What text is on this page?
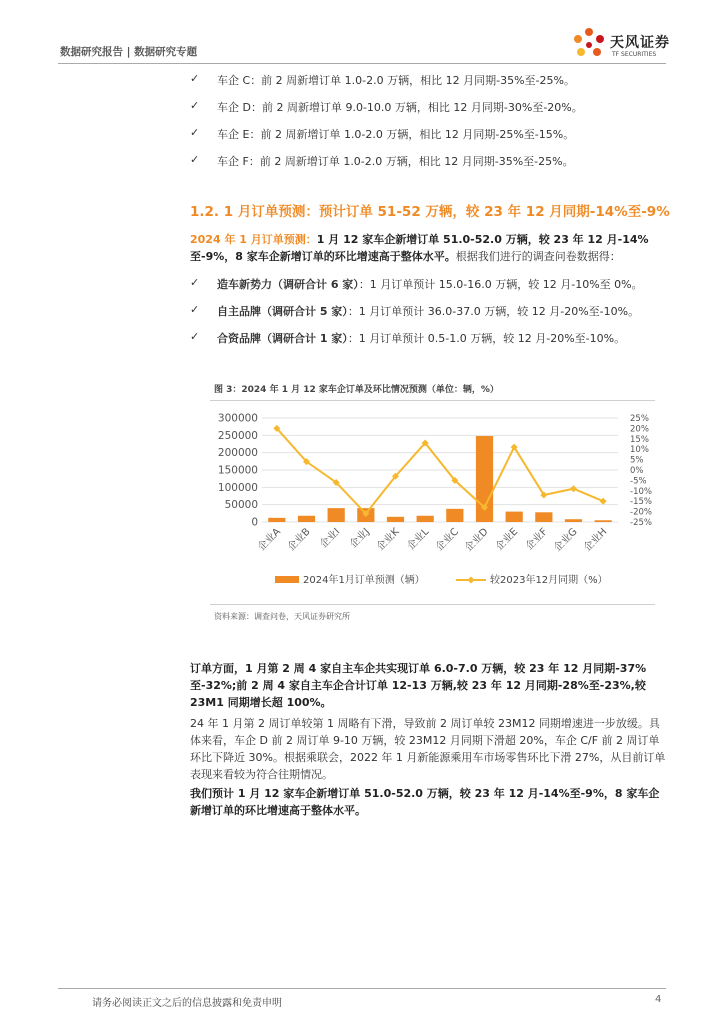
数据研究报告 | 数据研究专题
天风证券
TF SECURITIES
✓ 车企 C：前 2 周新增订单 1.0-2.0 万辆，相比 12 月同期-35%至-25%。
✓ 车企 D：前 2 周新增订单 9.0-10.0 万辆，相比 12 月同期-30%至-20%。
✓ 车企 E：前 2 周新增订单 1.0-2.0 万辆，相比 12 月同期-25%至-15%。
✓ 车企 F：前 2 周新增订单 1.0-2.0 万辆，相比 12 月同期-35%至-25%。
1.2. 1 月订单预测：预计订单 51-52 万辆，较 23 年 12 月同期-14%至-9%
2024 年 1 月订单预测：1 月 12 家车企新增订单 51.0-52.0 万辆，较 23 年 12 月-14%至-9%，8 家车企新增订单的环比增速高于整体水平。根据我们进行的调查问卷数据得：
✓ 造车新势力（调研合计 6 家）：1 月订单预计 15.0-16.0 万辆，较 12 月-10%至 0%。
✓ 自主品牌（调研合计 5 家）：1 月订单预计 36.0-37.0 万辆，较 12 月-20%至-10%。
✓ 合资品牌（调研合计 1 家）：1 月订单预计 0.5-1.0 万辆，较 12 月-20%至-10%。
图 3：2024 年 1 月 12 家车企订单及环比情况预测（单位：辆，%）
0
50000
100000
150000
200000
250000
300000	25%
20%
15%
10%
5%
0%
-5%
-10%
-15%
-20%
-25%
企业A 企业B 企业I 企业J 企业K 企业L 企业C 企业D 企业E 企业F 企业G 企业H
2024年1月订单预测（辆）	较2023年12月同期（%）
资料来源：调查问卷，天风证券研究所
订单方面，1 月第 2 周 4 家自主车企共实现订单 6.0-7.0 万辆，较 23 年 12 月同期-37%至-32%;前 2 周 4 家自主车企合计订单 12-13 万辆,较 23 年 12 月同期-28%至-23%,较 23M1 同期增长超 100%。
24 年 1 月第 2 周订单较第 1 周略有下滑，导致前 2 周订单较 23M12 同期增速进一步放缓。具体来看，车企 D 前 2 周订单 9-10 万辆，较 23M12 月同期下滑超 20%，车企 C/F 前 2 周订单环比下降近 30%。根据乘联会，2022 年 1 月新能源乘用车市场零售环比下滑 27%，从目前订单表现来看较为符合往期情况。
我们预计 1 月 12 家车企新增订单 51.0-52.0 万辆，较 23 年 12 月-14%至-9%，8 家车企新增订单的环比增速高于整体水平。
请务必阅读正文之后的信息披露和免责申明	4
